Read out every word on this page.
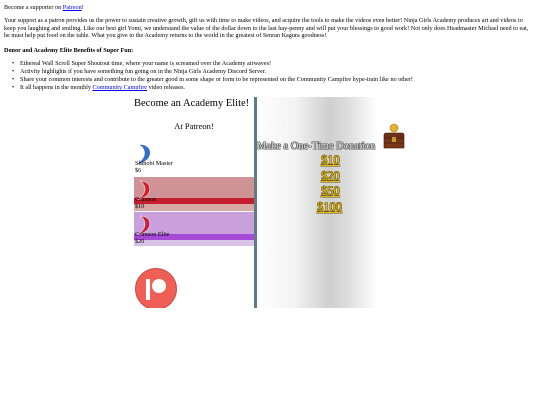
Become a supporter on Patreon!

Your support as a patron provides us the power to sustain creative growth, gift us with time to make videos, and acquire the tools to make the videos even better! Ninja Girls Academy produces art and videos to keep you laughing and smiling. Like our best girl Yomi, we understand the value of the dollar down to the last hay-penny and will put your blessings to good work! Not only does Headmaster Michael need to eat, he must help put food on the table. What you give to the Academy returns to the world in the greatest of Senran Kagura goodness!

Donor and Academy Elite Benefits of Super Fun:

• Ethereal Wall Scroll Super Shoutout time, where your name is screamed over the Academy airwaves!
• Activity highlights if you have something fun going on in the Ninja Girls Academy Discord Server.
• Share your common interests and contribute to the greater good in some shape or form to be represented on the Community Campfire hype-train like no other!
• It all happens in the monthly Community Campfire video releases.
Become an Academy Elite!
At Patreon!
Shinobi Master
$6
Crimson
$10
Crimson Elite
$20
Make a One-Time Donation
$10
$20
$50
$100
